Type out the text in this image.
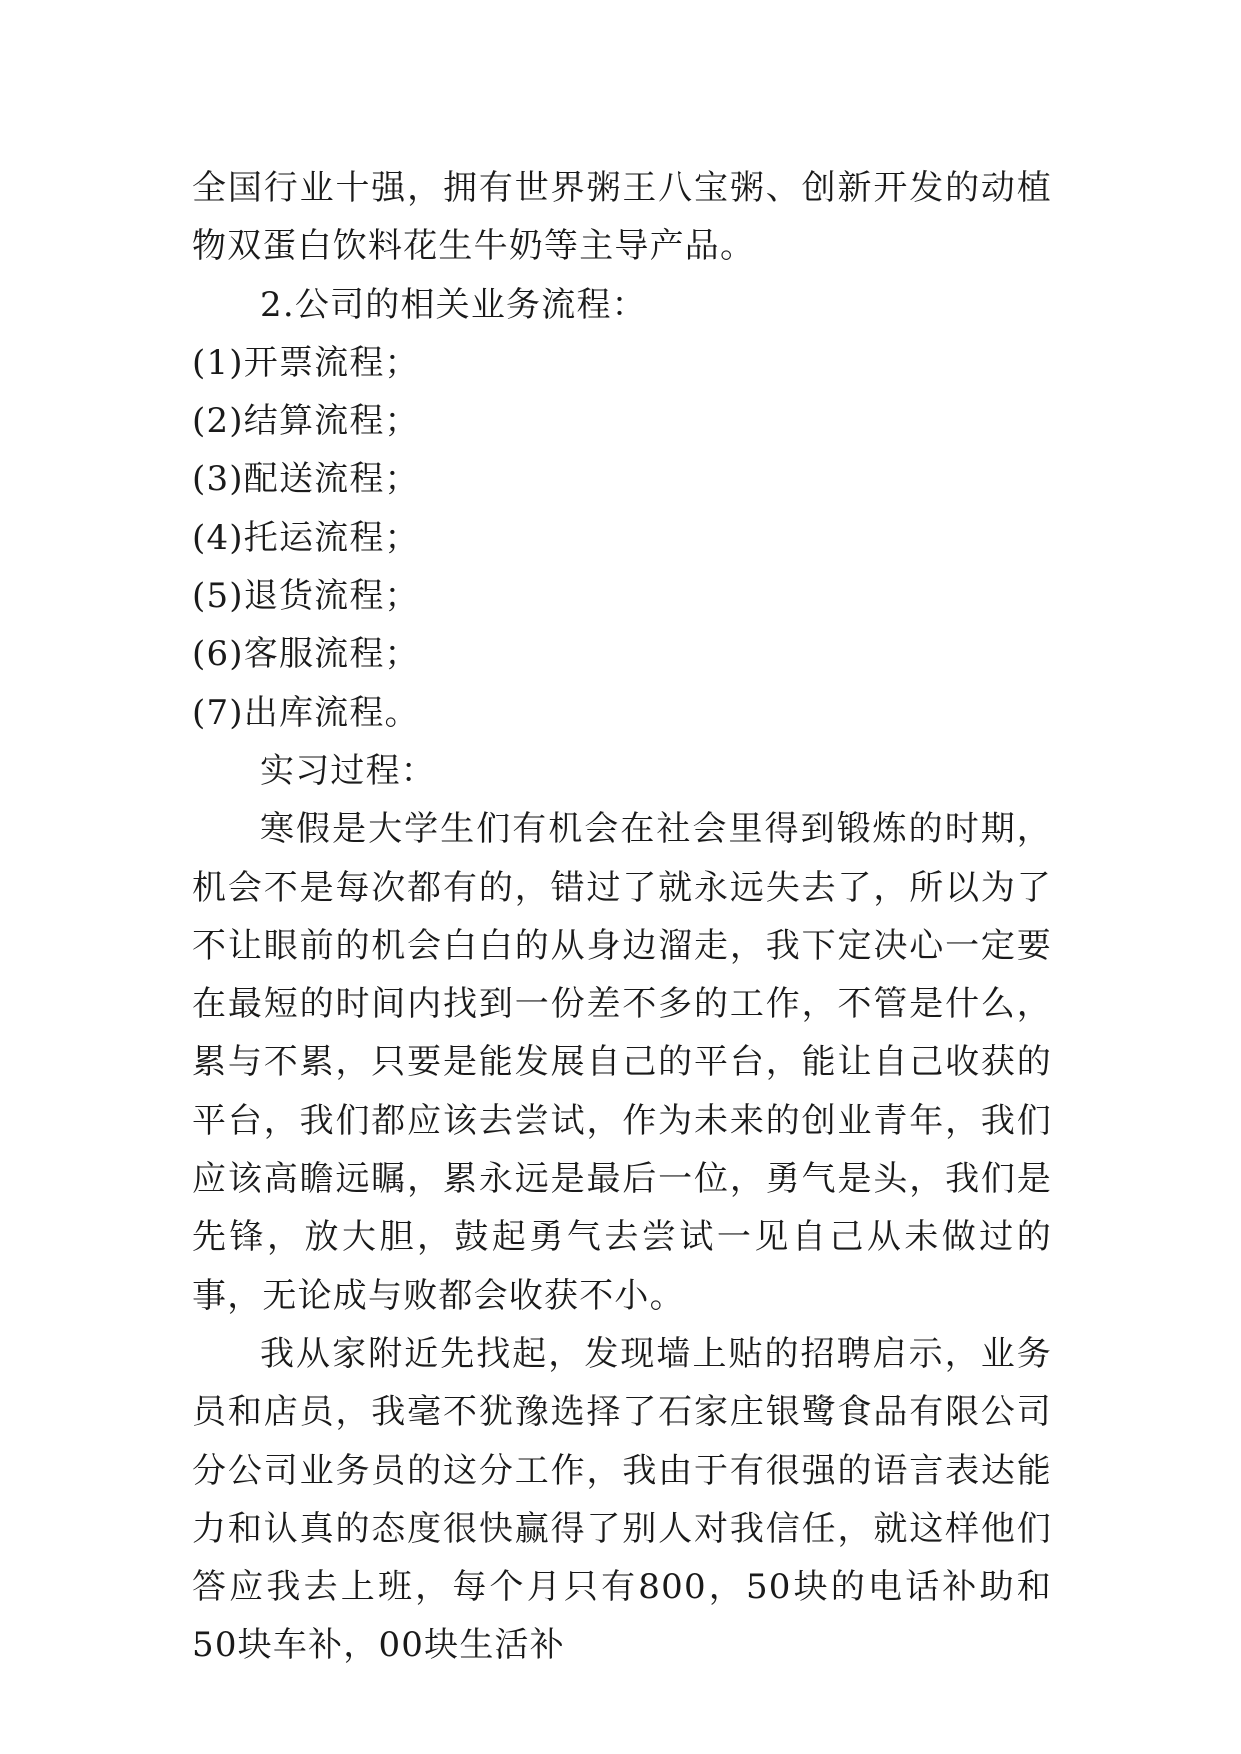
全国行业十强，拥有世界粥王八宝粥、创新开发的动植物双蛋白饮料花生牛奶等主导产品。

2.公司的相关业务流程：

(1)开票流程；

(2)结算流程；

(3)配送流程；

(4)托运流程；

(5)退货流程；

(6)客服流程；

(7)出库流程。

实习过程：

寒假是大学生们有机会在社会里得到锻炼的时期，机会不是每次都有的，错过了就永远失去了，所以为了不让眼前的机会白白的从身边溜走，我下定决心一定要在最短的时间内找到一份差不多的工作，不管是什么，累与不累，只要是能发展自己的平台，能让自己收获的平台，我们都应该去尝试，作为未来的创业青年，我们应该高瞻远瞩，累永远是最后一位，勇气是头，我们是先锋，放大胆，鼓起勇气去尝试一见自己从未做过的事，无论成与败都会收获不小。

我从家附近先找起，发现墙上贴的招聘启示，业务员和店员，我毫不犹豫选择了石家庄银鹭食品有限公司分公司业务员的这分工作，我由于有很强的语言表达能力和认真的态度很快赢得了别人对我信任，就这样他们答应我去上班，每个月只有800，50块的电话补助和50块车补，00块生活补
